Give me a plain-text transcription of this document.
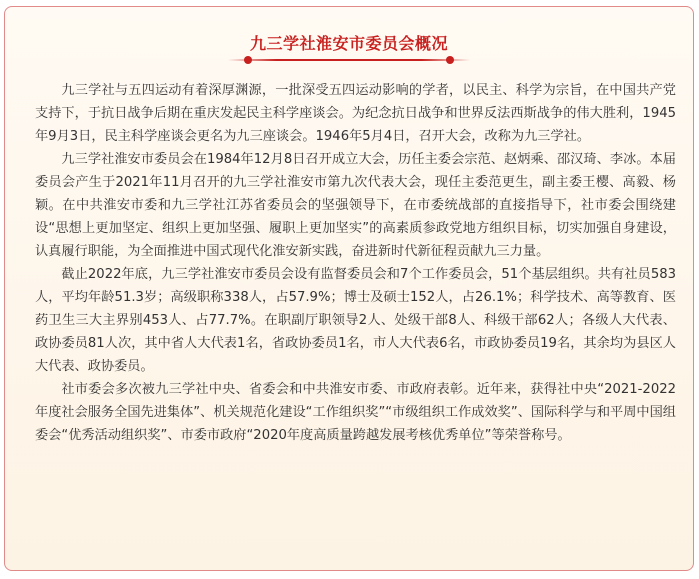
九三学社淮安市委员会概况

九三学社与五四运动有着深厚渊源，一批深受五四运动影响的学者，以民主、科学为宗旨，在中国共产党支持下，于抗日战争后期在重庆发起民主科学座谈会。为纪念抗日战争和世界反法西斯战争的伟大胜利，1945年9月3日，民主科学座谈会更名为九三座谈会。1946年5月4日，召开大会，改称为九三学社。

九三学社淮安市委员会在1984年12月8日召开成立大会，历任主委会宗范、赵炳乘、邵汉琦、李冰。本届委员会产生于2021年11月召开的九三学社淮安市第九次代表大会，现任主委范更生，副主委王樱、高毅、杨颖。在中共淮安市委和九三学社江苏省委员会的坚强领导下，在市委统战部的直接指导下，社市委会围绕建设“思想上更加坚定、组织上更加坚强、履职上更加坚实”的高素质参政党地方组织目标，切实加强自身建设，认真履行职能，为全面推进中国式现代化淮安新实践，奋进新时代新征程贡献九三力量。

截止2022年底，九三学社淮安市委员会设有监督委员会和7个工作委员会，51个基层组织。共有社员583人，平均年龄51.3岁；高级职称338人，占57.9%；博士及硕士152人，占26.1%；科学技术、高等教育、医药卫生三大主界别453人、占77.7%。在职副厅职领导2人、处级干部8人、科级干部62人；各级人大代表、政协委员81人次，其中省人大代表1名，省政协委员1名，市人大代表6名，市政协委员19名，其余均为县区人大代表、政协委员。

社市委会多次被九三学社中央、省委会和中共淮安市委、市政府表彰。近年来，获得社中央“2021-2022年度社会服务全国先进集体”、机关规范化建设“工作组织奖”“市级组织工作成效奖”、国际科学与和平周中国组委会“优秀活动组织奖”、市委市政府“2020年度高质量跨越发展考核优秀单位”等荣誉称号。
